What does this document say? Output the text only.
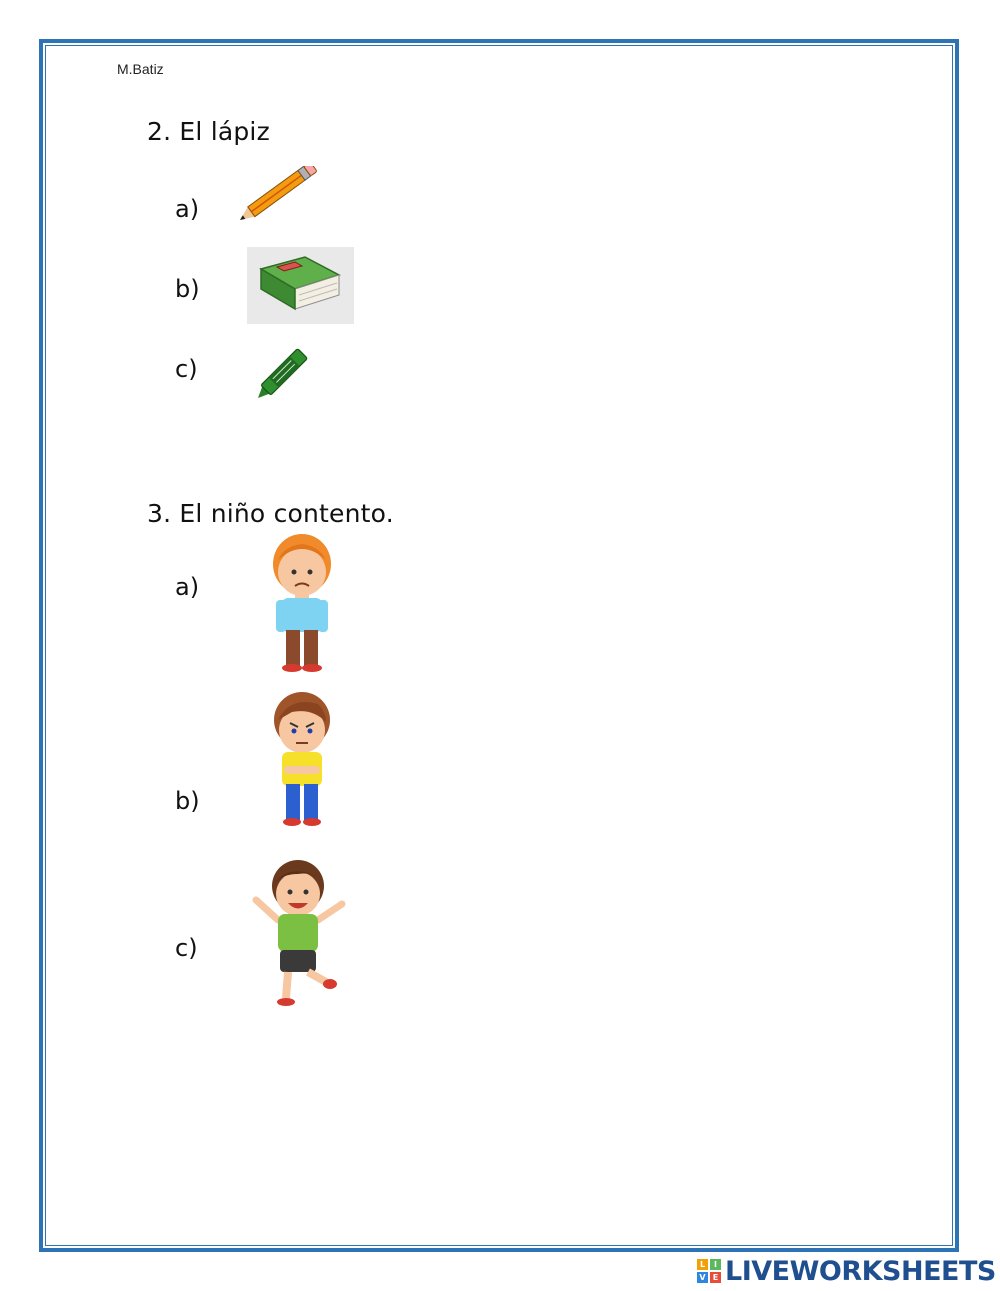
M.Batiz
2. El lápiz
a)
b)
c)
3. El niño contento.
a)
b)
c)
L	I
V E LIVEWORKSHEETS
